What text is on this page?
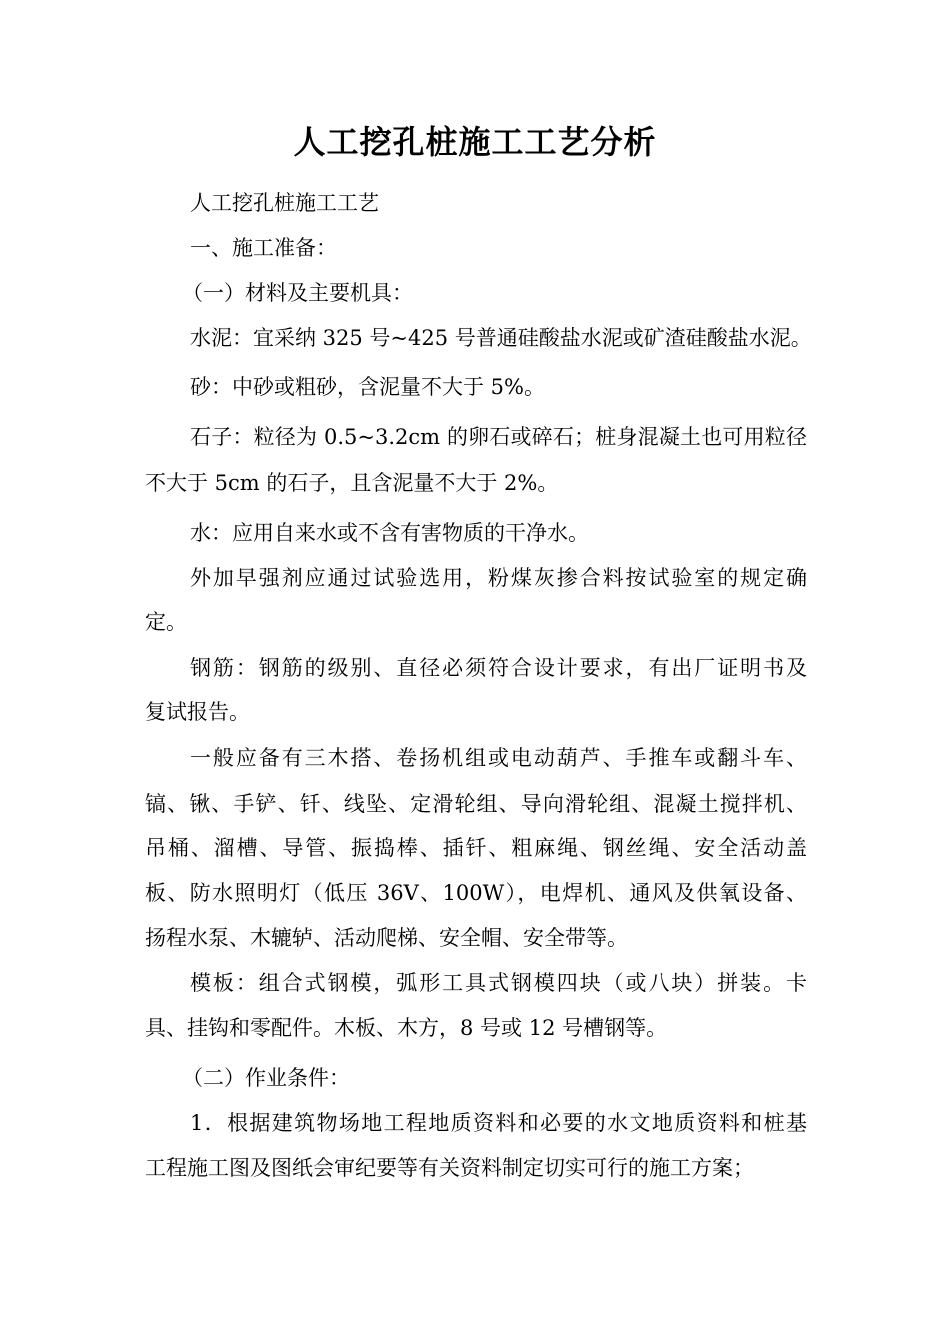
人工挖孔桩施工工艺分析
人工挖孔桩施工工艺
一、施工准备：
（一）材料及主要机具：
水泥：宜采纳 325 号~425 号普通硅酸盐水泥或矿渣硅酸盐水泥。
砂：中砂或粗砂，含泥量不大于 5%。
石子：粒径为 0.5~3.2cm 的卵石或碎石；桩身混凝土也可用粒径
不大于 5cm 的石子，且含泥量不大于 2%。
水：应用自来水或不含有害物质的干净水。
外加早强剂应通过试验选用，粉煤灰掺合料按试验室的规定确
定。
钢筋：钢筋的级别、直径必须符合设计要求，有出厂证明书及
复试报告。
一般应备有三木搭、卷扬机组或电动葫芦、手推车或翻斗车、
镐、锹、手铲、钎、线坠、定滑轮组、导向滑轮组、混凝土搅拌机、
吊桶、溜槽、导管、振捣棒、插钎、粗麻绳、钢丝绳、安全活动盖
板、防水照明灯（低压 36V、100W），电焊机、通风及供氧设备、
扬程水泵、木辘轳、活动爬梯、安全帽、安全带等。
模板：组合式钢模，弧形工具式钢模四块（或八块）拼装。卡
具、挂钩和零配件。木板、木方，8 号或 12 号槽钢等。
（二）作业条件：
1．根据建筑物场地工程地质资料和必要的水文地质资料和桩基
工程施工图及图纸会审纪要等有关资料制定切实可行的施工方案；
